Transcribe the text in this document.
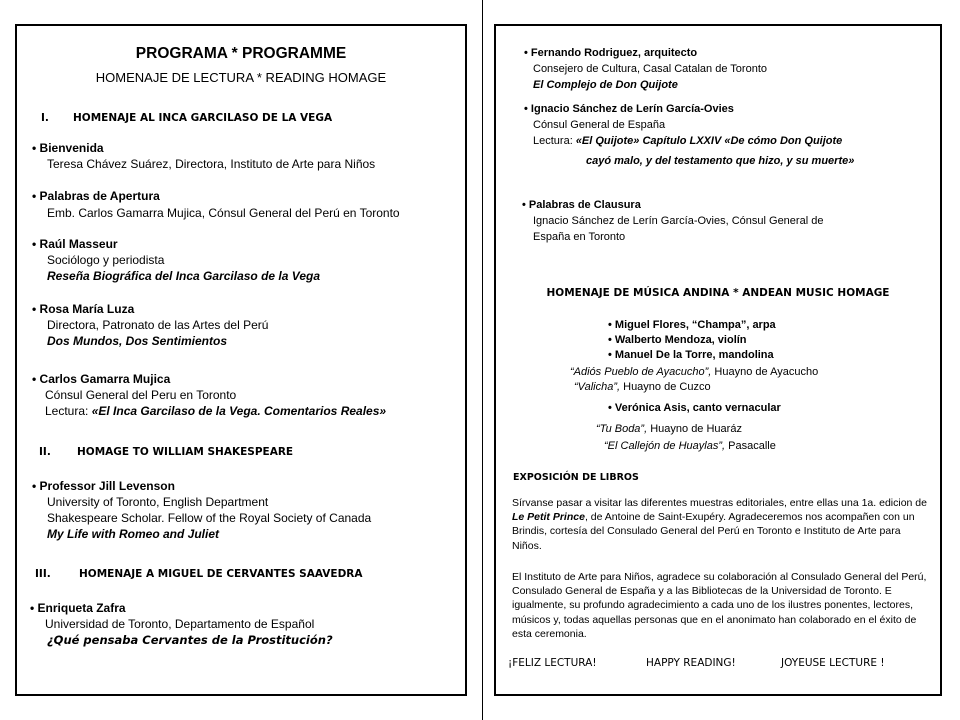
PROGRAMA * PROGRAMME
HOMENAJE DE LECTURA * READING HOMAGE
I. HOMENAJE AL INCA GARCILASO DE LA VEGA
• Bienvenida
Teresa Chávez Suárez, Directora, Instituto de Arte para Niños
• Palabras de Apertura
Emb. Carlos Gamarra Mujica, Cónsul General del Perú en Toronto
• Raúl Masseur
Sociólogo y periodista
Reseña Biográfica del Inca Garcilaso de la Vega
• Rosa María Luza
Directora, Patronato de las Artes del Perú
Dos Mundos, Dos Sentimientos
• Carlos Gamarra Mujica
Cónsul General del Peru en Toronto
Lectura: «El Inca Garcilaso de la Vega. Comentarios Reales»
II. HOMAGE TO WILLIAM SHAKESPEARE
• Professor Jill Levenson
University of Toronto, English Department
Shakespeare Scholar. Fellow of the Royal Society of Canada
My Life with Romeo and Juliet
III.	HOMENAJE A MIGUEL DE CERVANTES SAAVEDRA
• Enriqueta Zafra
Universidad de Toronto, Departamento de Español
¿Qué pensaba Cervantes de la Prostitución?
• Fernando Rodriguez, arquitecto
Consejero de Cultura, Casal Catalan de Toronto
El Complejo de Don Quijote
• Ignacio Sánchez de Lerín García-Ovies
Cónsul General de España
Lectura: «El Quijote» Capítulo LXXIV «De cómo Don Quijote
cayó malo, y del testamento que hizo, y su muerte»
• Palabras de Clausura
Ignacio Sánchez de Lerín García-Ovies, Cónsul General de
España en Toronto
HOMENAJE DE MÚSICA ANDINA * ANDEAN MUSIC HOMAGE
• Miguel Flores, “Champa”, arpa
• Walberto Mendoza, violín
• Manuel De la Torre, mandolina
“Adiós Pueblo de Ayacucho”, Huayno de Ayacucho
“Valicha”, Huayno de Cuzco
• Verónica Asis, canto vernacular
“Tu Boda”, Huayno de Huaráz
“El Callejón de Huaylas”, Pasacalle
EXPOSICIÓN DE LIBROS
Sírvanse pasar a visitar las diferentes muestras editoriales, entre ellas una 1a. edicion de Le Petit Prince, de Antoine de Saint-Exupéry. Agradeceremos nos acompañen con un Brindis, cortesía del Consulado General del Perú en Toronto e Instituto de Arte para Niños.
El Instituto de Arte para Niños, agradece su colaboración al Consulado General del Perú, Consulado General de España y a las Bibliotecas de la Universidad de Toronto. E igualmente, su profundo agradecimiento a cada uno de los ilustres ponentes, lectores, músicos y, todas aquellas personas que en el anonimato han colaborado en el éxito de esta ceremonia.
¡FELIZ LECTURA!	HAPPY READING!	JOYEUSE LECTURE !
